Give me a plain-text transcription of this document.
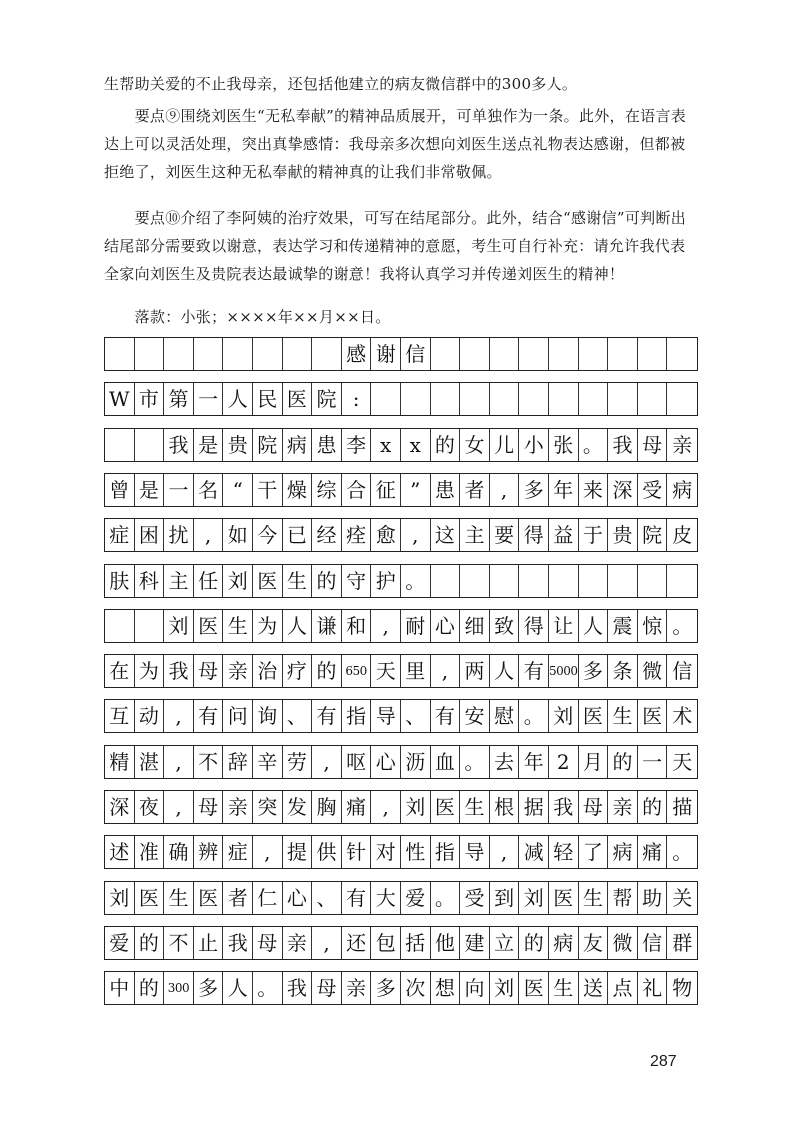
生帮助关爱的不止我母亲，还包括他建立的病友微信群中的300多人。

　　要点⑨围绕刘医生“无私奉献”的精神品质展开，可单独作为一条。此外，在语言表达上可以灵活处理，突出真挚感情：我母亲多次想向刘医生送点礼物表达感谢，但都被拒绝了，刘医生这种无私奉献的精神真的让我们非常敬佩。

　　要点⑩介绍了李阿姨的治疗效果，可写在结尾部分。此外，结合“感谢信”可判断出结尾部分需要致以谢意，表达学习和传递精神的意愿，考生可自行补充：请允许我代表全家向刘医生及贵院表达最诚挚的谢意！我将认真学习并传递刘医生的精神！

　　落款：小张；××××年××月××日。

感 谢 信
W 市 第 一 人 民 医 院 :
我 是 贵 院 病 患 李 x x 的 女 儿 小 张 。 我 母 亲
曾 是 一 名 “ 干 燥 综 合 征 ” 患 者 , 多 年 来 深 受 病
症 困 扰 , 如 今 已 经 痊 愈 , 这 主 要 得 益 于 贵 院 皮
肤 科 主 任 刘 医 生 的 守 护 。
刘 医 生 为 人 谦 和 , 耐 心 细 致 得 让 人 震 惊 。
在 为 我 母 亲 治 疗 的 650 天 里 , 两 人 有 5000 多 条 微 信
互 动 , 有 问 询 、 有 指 导 、 有 安 慰 。 刘 医 生 医 术
精 湛 , 不 辞 辛 劳 , 呕 心 沥 血 。 去 年 2 月 的 一 天
深 夜 , 母 亲 突 发 胸 痛 , 刘 医 生 根 据 我 母 亲 的 描
述 准 确 辨 症 , 提 供 针 对 性 指 导 , 减 轻 了 病 痛 。
刘 医 生 医 者 仁 心 、 有 大 爱 。 受 到 刘 医 生 帮 助 关
爱 的 不 止 我 母 亲 , 还 包 括 他 建 立 的 病 友 微 信 群
中 的 300 多 人 。 我 母 亲 多 次 想 向 刘 医 生 送 点 礼 物
287
